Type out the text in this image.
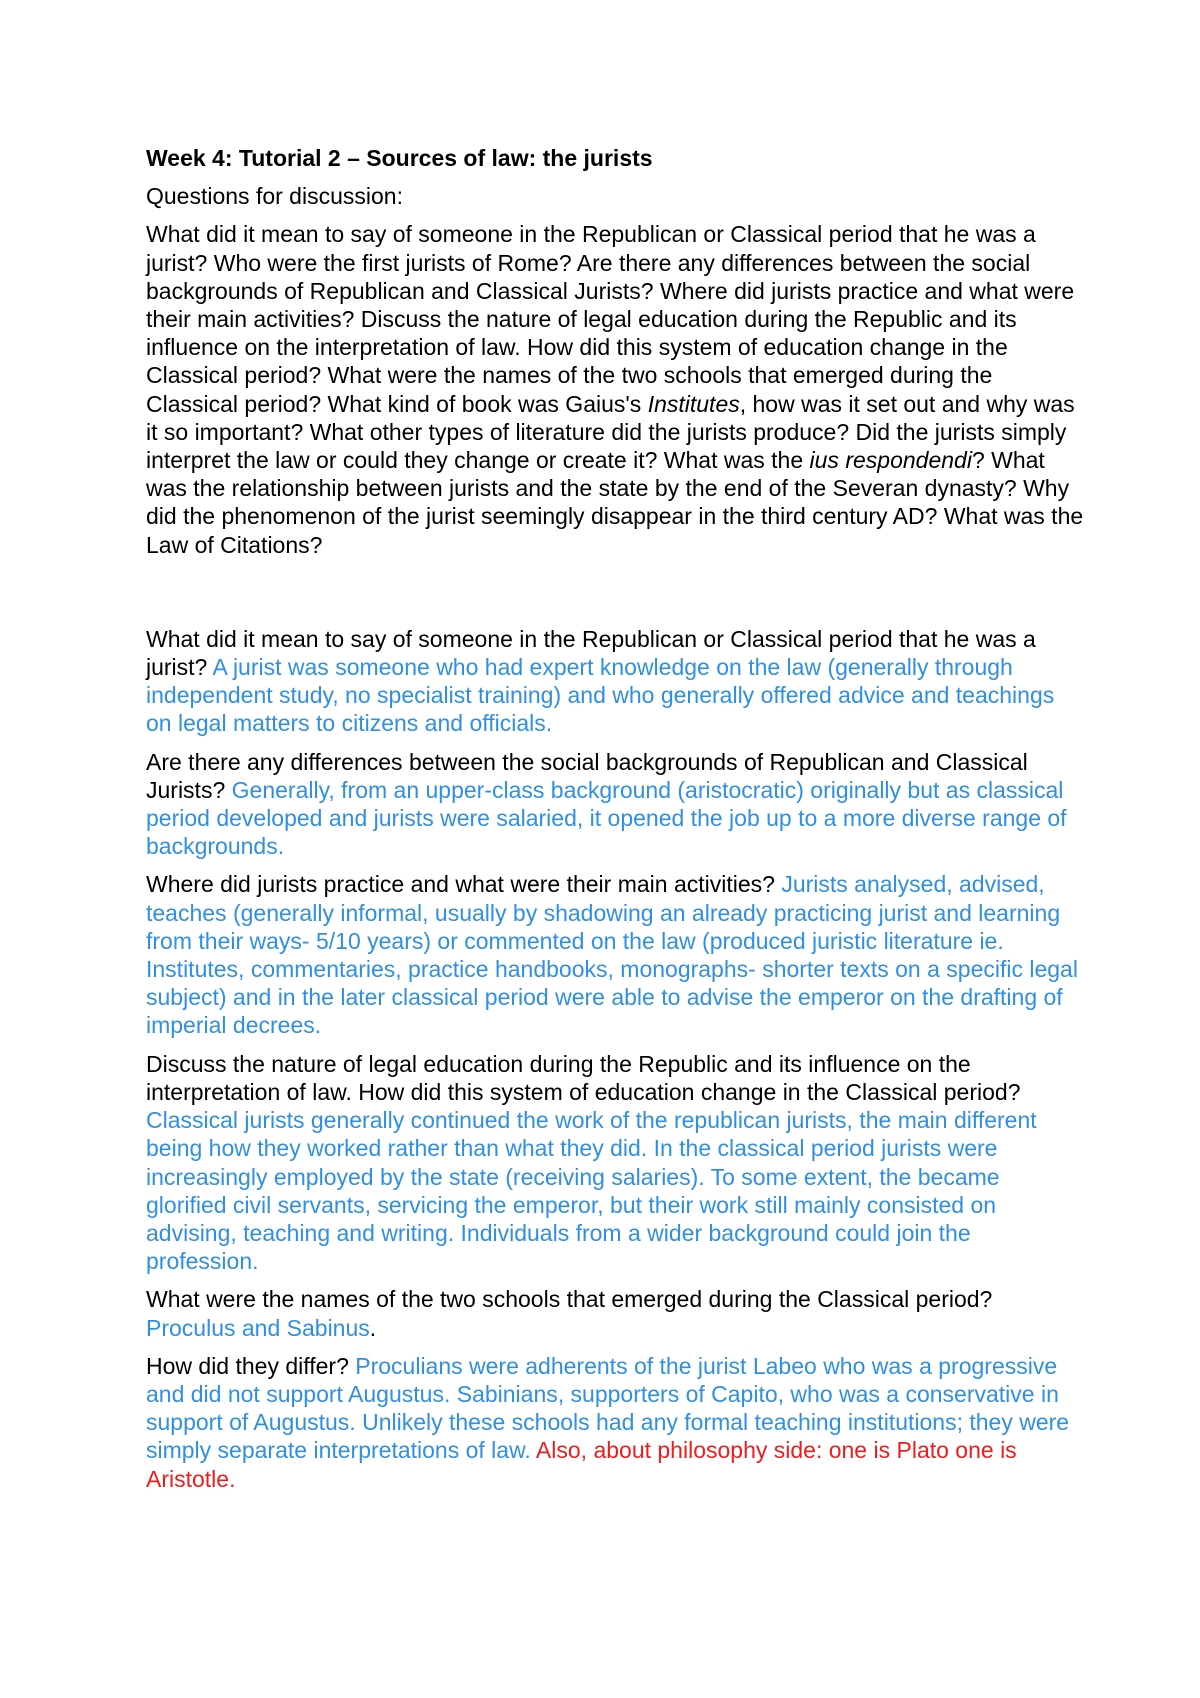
Week 4: Tutorial 2 – Sources of law: the jurists

Questions for discussion:

What did it mean to say of someone in the Republican or Classical period that he was a jurist? Who were the first jurists of Rome? Are there any differences between the social backgrounds of Republican and Classical Jurists? Where did jurists practice and what were their main activities? Discuss the nature of legal education during the Republic and its influence on the interpretation of law. How did this system of education change in the Classical period? What were the names of the two schools that emerged during the Classical period? What kind of book was Gaius's Institutes, how was it set out and why was it so important? What other types of literature did the jurists produce? Did the jurists simply interpret the law or could they change or create it? What was the ius respondendi? What was the relationship between jurists and the state by the end of the Severan dynasty? Why did the phenomenon of the jurist seemingly disappear in the third century AD? What was the Law of Citations?

What did it mean to say of someone in the Republican or Classical period that he was a jurist? A jurist was someone who had expert knowledge on the law (generally through independent study, no specialist training) and who generally offered advice and teachings on legal matters to citizens and officials.

Are there any differences between the social backgrounds of Republican and Classical Jurists? Generally, from an upper-class background (aristocratic) originally but as classical period developed and jurists were salaried, it opened the job up to a more diverse range of backgrounds.

Where did jurists practice and what were their main activities? Jurists analysed, advised, teaches (generally informal, usually by shadowing an already practicing jurist and learning from their ways- 5/10 years) or commented on the law (produced juristic literature ie. Institutes, commentaries, practice handbooks, monographs- shorter texts on a specific legal subject) and in the later classical period were able to advise the emperor on the drafting of imperial decrees.

Discuss the nature of legal education during the Republic and its influence on the interpretation of law. How did this system of education change in the Classical period? Classical jurists generally continued the work of the republican jurists, the main different being how they worked rather than what they did. In the classical period jurists were increasingly employed by the state (receiving salaries). To some extent, the became glorified civil servants, servicing the emperor, but their work still mainly consisted on advising, teaching and writing. Individuals from a wider background could join the profession.

What were the names of the two schools that emerged during the Classical period? Proculus and Sabinus.

How did they differ? Proculians were adherents of the jurist Labeo who was a progressive and did not support Augustus. Sabinians, supporters of Capito, who was a conservative in support of Augustus. Unlikely these schools had any formal teaching institutions; they were simply separate interpretations of law. Also, about philosophy side: one is Plato one is Aristotle.
